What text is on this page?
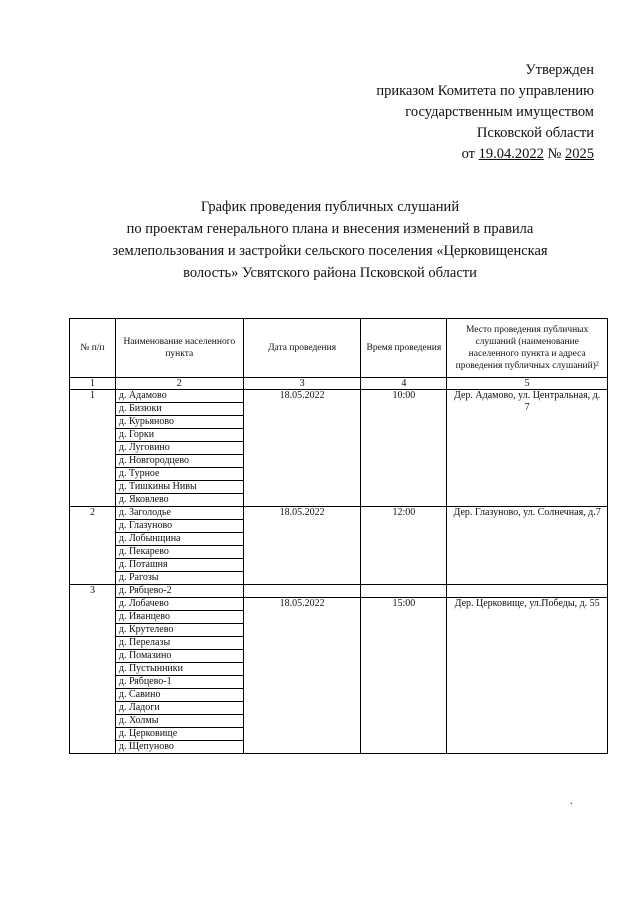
Утвержден
приказом Комитета по управлению
государственным имуществом
Псковской области
от 19.04.2022 № 2025
График проведения публичных слушаний
по проектам генерального плана и внесения изменений в правила
землепользования и застройки сельского поселения «Церковищенская
волость» Усвятского района Псковской области
№ п/п	Наименование населенного пункта	Дата проведения	Время проведения	Место проведения публичных слушаний (наименование населенного пункта и адреса проведения публичных слушаний)²
1	2	3	4	5
1	д. Адамово	18.05.2022	10:00	Дер. Адамово, ул. Центральная, д. 7
	д. Бизюки			
	д. Курьяново			
	д. Горки			
	д. Луговино			
	д. Новгородцево			
	д. Турное			
	д. Тишкины Нивы			
	д. Яковлево			
2	д. Заголодье	18.05.2022	12:00	Дер. Глазуново, ул. Солнечная, д.7
	д. Глазуново			
	д. Лобынщина			
	д. Пекарево			
	д. Поташня			
	д. Рагозы			
3	д. Рябцево-2			
	д. Лобачево	18.05.2022	15:00	Дер. Церковище, ул.Победы, д. 55
	д. Иванцево			
	д. Крутелево			
	д. Перелазы			
	д. Помазино			
	д. Пустынники			
	д. Рябцево-1			
	д. Савино			
	д. Ладоги			
	д. Холмы			
	д. Церковище			
	д. Щепуново			
.
